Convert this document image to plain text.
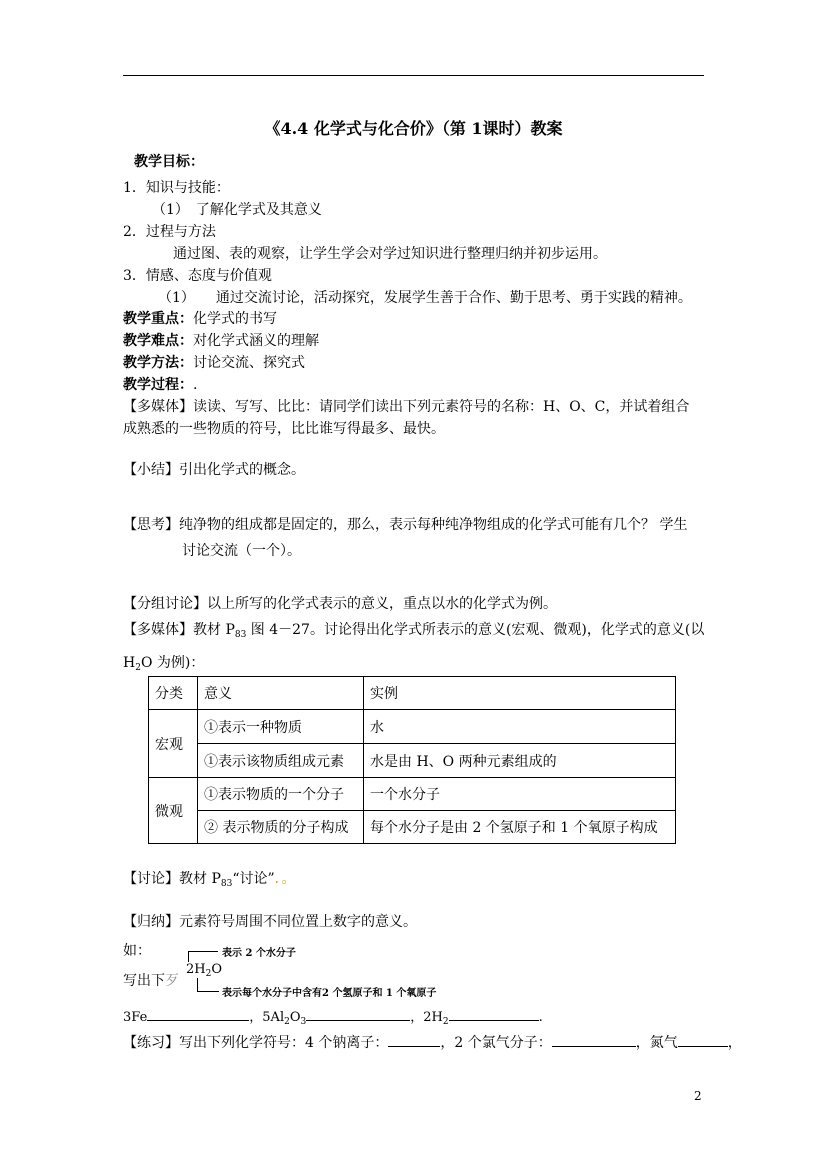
《4.4 化学式与化合价》（第 1课时）教案
教学目标：
1．知识与技能：
（1）　了解化学式及其意义
2．过程与方法
通过图、表的观察，让学生学会对学过知识进行整理归纳并初步运用。
3．情感、态度与价值观
（1）　　通过交流讨论，活动探究，发展学生善于合作、勤于思考、勇于实践的精神。
教学重点：化学式的书写
教学难点：对化学式涵义的理解
教学方法：讨论交流、探究式
教学过程：.
【多媒体】读读、写写、比比：请同学们读出下列元素符号的名称：H、O、C，并试着组合
成熟悉的一些物质的符号，比比谁写得最多、最快。
【小结】引出化学式的概念。
【思考】纯净物的组成都是固定的，那么，表示每种纯净物组成的化学式可能有几个？ 学生
讨论交流（一个）。
【分组讨论】以上所写的化学式表示的意义，重点以水的化学式为例。
【多媒体】教材 $P_{83}$ 图 4－27。讨论得出化学式所表示的意义(宏观、微观)，化学式的意义(以
$H_2O$ 为例)：
分类	意义	实例
宏观	①表示一种物质	水
	①表示该物质组成元素	水是由 H、O 两种元素组成的
微观	①表示物质的一个分子	一个水分子
	② 表示物质的分子构成	每个水分子是由 2 个氢原子和 1 个氧原子构成
【讨论】教材 $P_{83}“$讨论”．。
【归纳】元素符号周围不同位置上数字的意义。
如：
写出下歹
$2H_2O$
表示 2 个水分子
表示每个水分子中含有2 个氢原子和 1 个氧原子
3Fe	，$5Al_2O_3$	，$2H_2$	.
【练习】写出下列化学符号：4 个钠离子：	，2 个氯气分子：	，氮气	，
2
